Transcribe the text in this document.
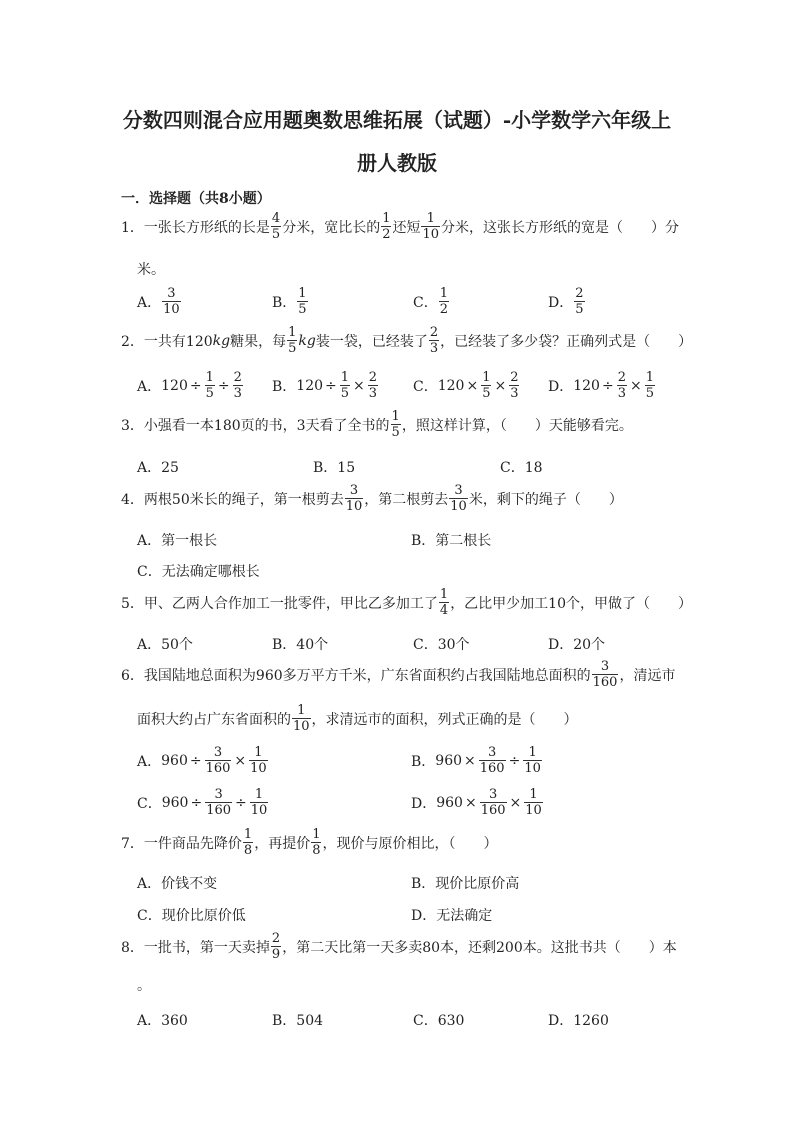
分数四则混合应用题奥数思维拓展（试题）-小学数学六年级上
册人教版
一．选择题（共8小题）
1．一张长方形纸的长是 $\frac{4}{5}$ 分米，宽比长的 $\frac{1}{2}$ 还短 $\frac{1}{10}$ 分米，这张长方形纸的宽是（　　）分
米。
A． $\frac{3}{10}$	B． $\frac{1}{5}$	C． $\frac{1}{2}$	D． $\frac{2}{5}$
2．一共有120 kg 糖果，每 $\frac{1}{5}$ kg 装一袋，已经装了 $\frac{2}{3}$ ，已经装了多少袋？正确列式是（　　）
A． $120 \div \frac{1}{5} \div \frac{2}{3}$ B． $120 \div \frac{1}{5} \times \frac{2}{3}$ C． $120 \times \frac{1}{5} \times \frac{2}{3}$ D． $120 \div \frac{2}{3} \times \frac{1}{5}$
3．小强看一本180页的书，3天看了全书的 $\frac{1}{5}$ ，照这样计算，（　　）天能够看完。
A．25	B．15	C．18
4．两根50米长的绳子，第一根剪去 $\frac{3}{10}$ ，第二根剪去 $\frac{3}{10}$ 米，剩下的绳子（　　）
A．第一根长	B．第二根长
C．无法确定哪根长
5．甲、乙两人合作加工一批零件，甲比乙多加工了 $\frac{1}{4}$ ，乙比甲少加工10个，甲做了（　　）
A．50个	B．40个	C．30个	D．20个
6．我国陆地总面积为960多万平方千米，广东省面积约占我国陆地总面积的 $\frac{3}{160}$ ，清远市
面积大约占广东省面积的 $\frac{1}{10}$ ，求清远市的面积，列式正确的是（　　）
A． $960 \div \frac{3}{160} \times \frac{1}{10}$	B． $960 \times \frac{3}{160} \div \frac{1}{10}$
C． $960 \div \frac{3}{160} \div \frac{1}{10}$	D． $960 \times \frac{3}{160} \times \frac{1}{10}$
7．一件商品先降价 $\frac{1}{8}$ ，再提价 $\frac{1}{8}$ ，现价与原价相比，（　　）
A．价钱不变	B．现价比原价高
C．现价比原价低	D．无法确定
8．一批书，第一天卖掉 $\frac{2}{9}$ ，第二天比第一天多卖80本，还剩200本。这批书共（　　）本
。
A．360	B．504	C．630	D．1260
